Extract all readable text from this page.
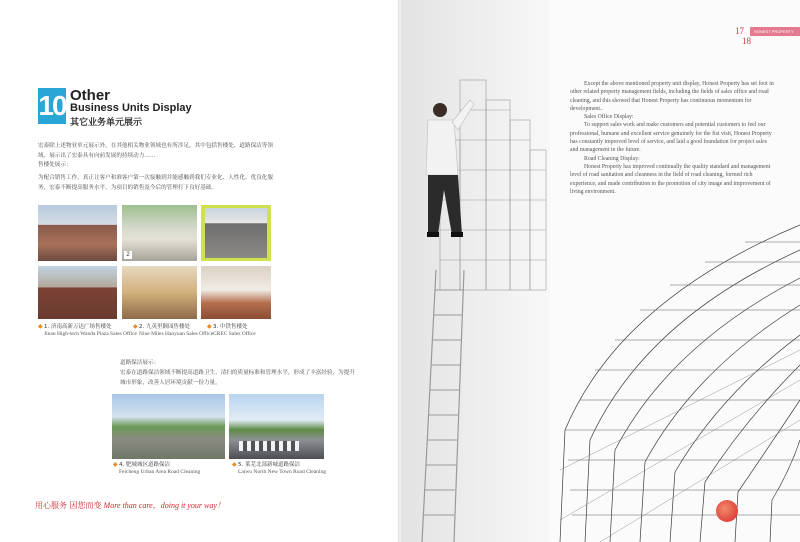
10 Other
Business Units Display
其它业务单元展示
宏泰除上述物业单元展示外，在其他相关物业领域也有所涉足，其中包括售楼处、道路保洁等领域，展示出了宏泰具有向前发展的持续动力……
售楼处展示：
为配合销售工作，真正让客户和准客户第一次接触到并能感触到我们专业化、人性化、优良化服务，宏泰不断提高服务水平，为项目的销售及今后的管理打下良好基础。
2
◆ 1. 济南高新万达广场售楼处
Jinan High-tech Wanda Plaza Sales Office
◆ 2. 九英里颢园售楼处
Nine Miles Haoyuan Sales Office
◆ 3. 中铁售楼处
CREC Sales Office
道路保洁展示：
宏泰在道路保洁领域不断提高道路卫生、清扫的质量标准和管理水平，形成了丰富经验，为提升城市形象，改善人居环境贡献一份力量。
◆ 4. 肥城城区道路保洁
Feicheng Urban Area Road Cleaning
◆ 5. 莱芜北部新城道路保洁
Laiwu North New Town Road Cleaning
用心服务 因您而变 More than care，doing it your way！

Except the above mentioned property unit display, Honest Property has set foot in other related property management fields, including the fields of sales office and road cleaning, and this showed that Honest Property has continuous momentum for development..

Sales Office Display:

To support sales work and make customers and potential customers to feel our professional, humane and excellent service genuinely for the fist visit, Honest Property has constantly improved level of service, and laid a good foundation for project sales and management in the future.

Road Cleaning Display:

Honest Property has improved continually the quality standard and management level of road sanitation and cleanness in the field of road cleaning, formed rich experience, and made contribution to the promotion of city image and improvement of living environment.

17
18
HONEST PROPERTY
